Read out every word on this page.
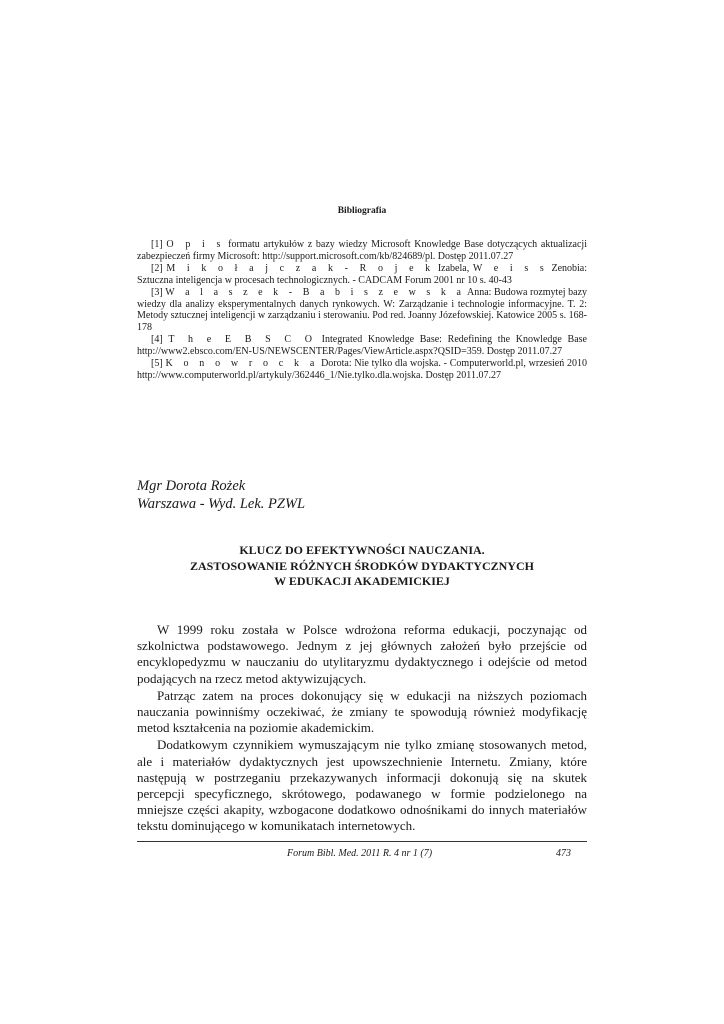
Bibliografia

[1] O p i s formatu artykułów z bazy wiedzy Microsoft Knowledge Base dotyczących aktualizacji zabezpieczeń firmy Microsoft: http://support.microsoft.com/kb/824689/pl. Dostęp 2011.07.27

[2] M i k o ł a j c z a k - R o j e k Izabela, W e i s s Zenobia: Sztuczna inteligencja w procesach technologicznych. - CADCAM Forum 2001 nr 10 s. 40-43

[3] W a l a s z e k - B a b i s z e w s k a Anna: Budowa rozmytej bazy wiedzy dla analizy eksperymentalnych danych rynkowych. W: Zarządzanie i technologie informacyjne. T. 2: Metody sztucznej inteligencji w zarządzaniu i sterowaniu. Pod red. Joanny Józefowskiej. Katowice 2005 s. 168-178

[4] T h e E B S C O Integrated Knowledge Base: Redefining the Knowledge Base http://www2.ebsco.com/EN-US/NEWSCENTER/Pages/ViewArticle.aspx?QSID=359. Dostęp 2011.07.27

[5] K o n o w r o c k a Dorota: Nie tylko dla wojska. - Computerworld.pl, wrzesień 2010 http://www.computerworld.pl/artykuly/362446_1/Nie.tylko.dla.wojska. Dostęp 2011.07.27

Mgr Dorota Rożek
Warszawa - Wyd. Lek. PZWL
KLUCZ DO EFEKTYWNOŚCI NAUCZANIA.
ZASTOSOWANIE RÓŻNYCH ŚRODKÓW DYDAKTYCZNYCH
W EDUKACJI AKADEMICKIEJ

W 1999 roku została w Polsce wdrożona reforma edukacji, poczynając od szkolnictwa podstawowego. Jednym z jej głównych założeń było przejście od encyklopedyzmu w nauczaniu do utylitaryzmu dydaktycznego i odejście od metod podających na rzecz metod aktywizujących.

Patrząc zatem na proces dokonujący się w edukacji na niższych poziomach nauczania powinniśmy oczekiwać, że zmiany te spowodują również modyfikację metod kształcenia na poziomie akademickim.

Dodatkowym czynnikiem wymuszającym nie tylko zmianę stosowanych metod, ale i materiałów dydaktycznych jest upowszechnienie Internetu. Zmiany, które następują w postrzeganiu przekazywanych informacji dokonują się na skutek percepcji specyficznego, skrótowego, podawanego w formie podzielonego na mniejsze części akapity, wzbogacone dodatkowo odnośnikami do innych materiałów tekstu dominującego w komunikatach internetowych.

Forum Bibl. Med. 2011 R. 4 nr 1 (7)	473
